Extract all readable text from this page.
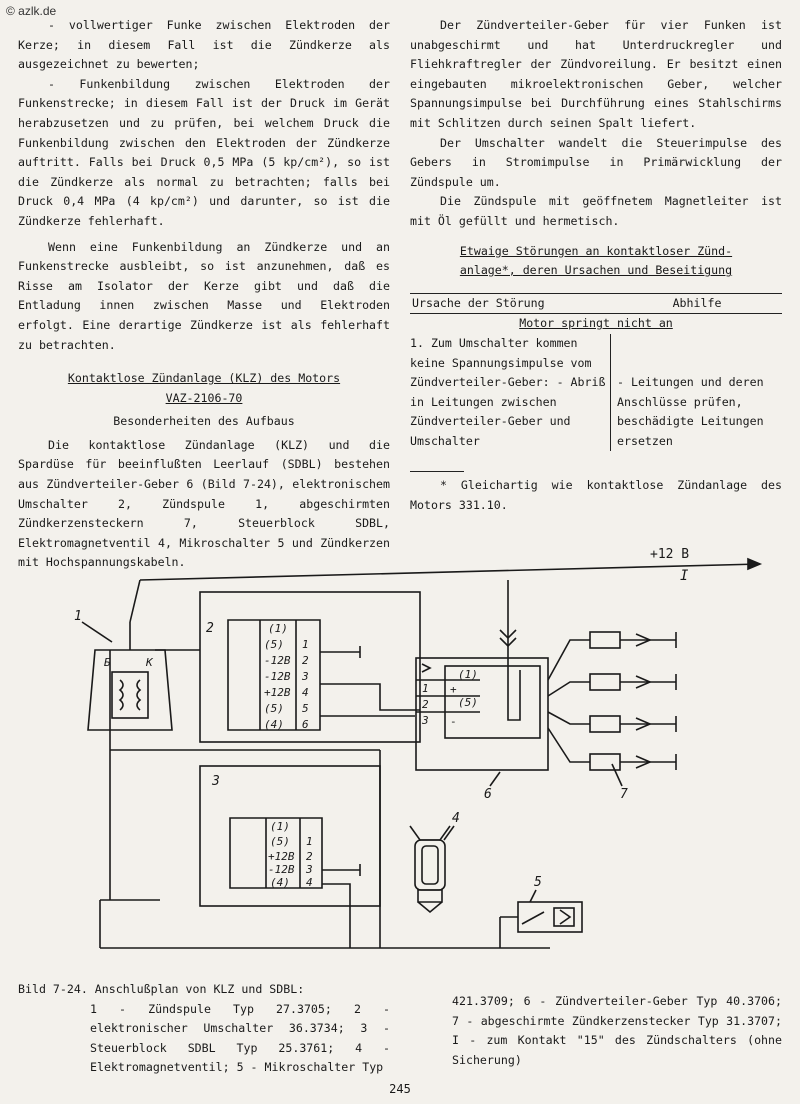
© azlk.de

- vollwertiger Funke zwischen Elektroden der Kerze; in diesem Fall ist die Zündkerze als ausgezeichnet zu bewerten;

- Funkenbildung zwischen Elektroden der Funkenstrecke; in diesem Fall ist der Druck im Gerät herabzusetzen und zu prüfen, bei welchem Druck die Funkenbildung zwischen den Elektroden der Zündkerze auftritt. Falls bei Druck 0,5 MPa (5 kp/cm²), so ist die Zündkerze als normal zu betrachten; falls bei Druck 0,4 MPa (4 kp/cm²) und darunter, so ist die Zündkerze fehlerhaft.

Wenn eine Funkenbildung an Zündkerze und an Funkenstrecke ausbleibt, so ist anzunehmen, daß es Risse am Isolator der Kerze gibt und daß die Entladung innen zwischen Masse und Elektroden erfolgt. Eine derartige Zündkerze ist als fehlerhaft zu betrachten.

Kontaktlose Zündanlage (KLZ) des Motors
VAZ-2106-70
Besonderheiten des Aufbaus

Die kontaktlose Zündanlage (KLZ) und die Spardüse für beeinflußten Leerlauf (SDBL) bestehen aus Zündverteiler-Geber 6 (Bild 7-24), elektronischem Umschalter 2, Zündspule 1, abgeschirmten Zündkerzensteckern 7, Steuerblock SDBL, Elektromagnetventil 4, Mikroschalter 5 und Zündkerzen mit Hochspannungskabeln.

Der Zündverteiler-Geber für vier Funken ist unabgeschirmt und hat Unterdruckregler und Fliehkraftregler der Zündvoreilung. Er besitzt einen eingebauten mikroelektronischen Geber, welcher Spannungsimpulse bei Durchführung eines Stahlschirms mit Schlitzen durch seinen Spalt liefert.

Der Umschalter wandelt die Steuerimpulse des Gebers in Stromimpulse in Primärwicklung der Zündspule um.

Die Zündspule mit geöffnetem Magnetleiter ist mit Öl gefüllt und hermetisch.

Etwaige Störungen an kontaktloser Zünd-
anlage*, deren Ursachen und Beseitigung
Ursache der Störung	Abhilfe
Motor springt nicht an
1. Zum Umschalter kommen keine Spannungsimpulse vom Zündverteiler-Geber: - Abriß in Leitungen zwischen Zündverteiler-Geber und Umschalter
- Leitungen und deren Anschlüsse prüfen, beschädigte Leitungen ersetzen

* Gleichartig wie kontaktlose Zündanlage des Motors 331.10.

+12 B
I
1
Б	K
2	(1)
(5)
-12B
-12B
+12B
(5)
(4)
1
2
3
4
5
6
3
(1)
(5)
+12B
-12B
(4)
1
2
3
4
4
5
6
(1)
(5)
+
-
1
2
3
7
Bild 7-24. Anschlußplan von KLZ und SDBL:
1 - Zündspule Typ 27.3705; 2 - elektronischer Umschalter 36.3734; 3 - Steuerblock SDBL Typ 25.3761; 4 - Elektromagnetventil; 5 - Mikroschalter Typ
421.3709; 6 - Zündverteiler-Geber Typ 40.3706; 7 - abgeschirmte Zündkerzenstecker Typ 31.3707; I - zum Kontakt "15" des Zündschalters (ohne Sicherung)
245
